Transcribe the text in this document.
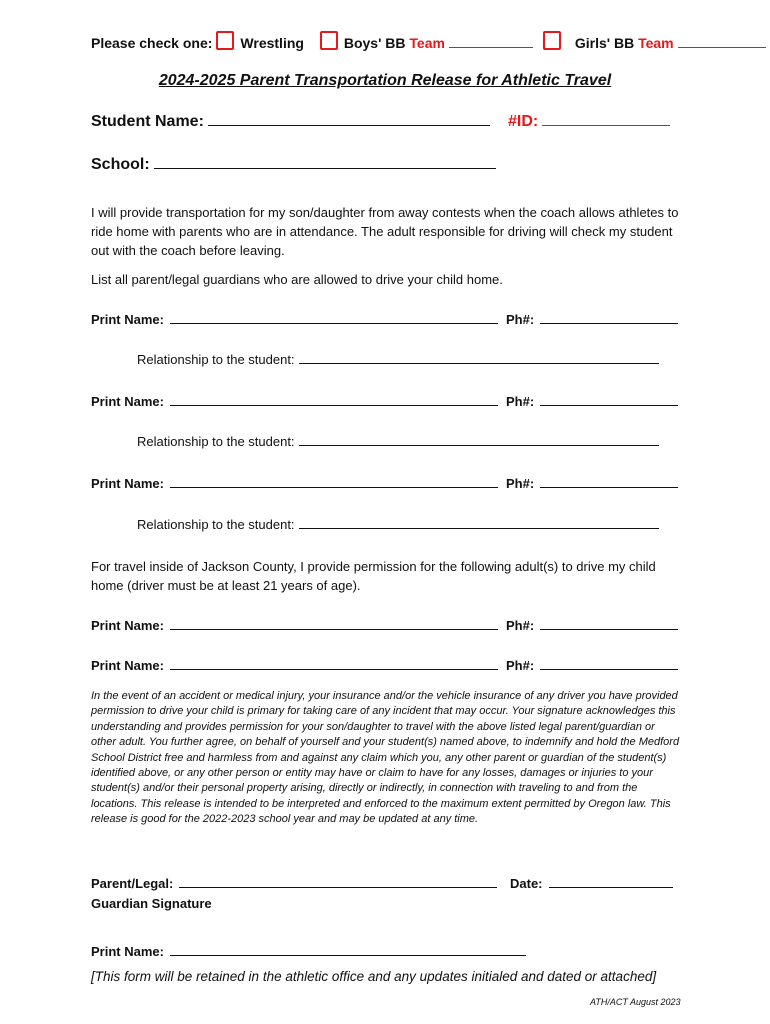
Please check one: Wrestling	Boys' BB Team	Girls' BB Team
2024-2025 Parent Transportation Release for Athletic Travel
Student Name:	#ID:
School:
I will provide transportation for my son/daughter from away contests when the coach allows athletes to ride home with parents who are in attendance. The adult responsible for driving will check my student out with the coach before leaving.
List all parent/legal guardians who are allowed to drive your child home.
Print Name:	Ph#:
Relationship to the student:
Print Name:	Ph#:
Relationship to the student:
Print Name:	Ph#:
Relationship to the student:
For travel inside of Jackson County, I provide permission for the following adult(s) to drive my child home (driver must be at least 21 years of age).
Print Name:	Ph#:
Print Name:	Ph#:
In the event of an accident or medical injury, your insurance and/or the vehicle insurance of any driver you have provided permission to drive your child is primary for taking care of any incident that may occur. Your signature acknowledges this understanding and provides permission for your son/daughter to travel with the above listed legal parent/guardian or other adult. You further agree, on behalf of yourself and your student(s) named above, to indemnify and hold the Medford School District free and harmless from and against any claim which you, any other parent or guardian of the student(s) identified above, or any other person or entity may have or claim to have for any losses, damages or injuries to your student(s) and/or their personal property arising, directly or indirectly, in connection with traveling to and from the locations. This release is intended to be interpreted and enforced to the maximum extent permitted by Oregon law. This release is good for the 2022-2023 school year and may be updated at any time.
Parent/Legal:
Guardian Signature
Date:
Print Name:
[This form will be retained in the athletic office and any updates initialed and dated or attached]
ATH/ACT August 2023
